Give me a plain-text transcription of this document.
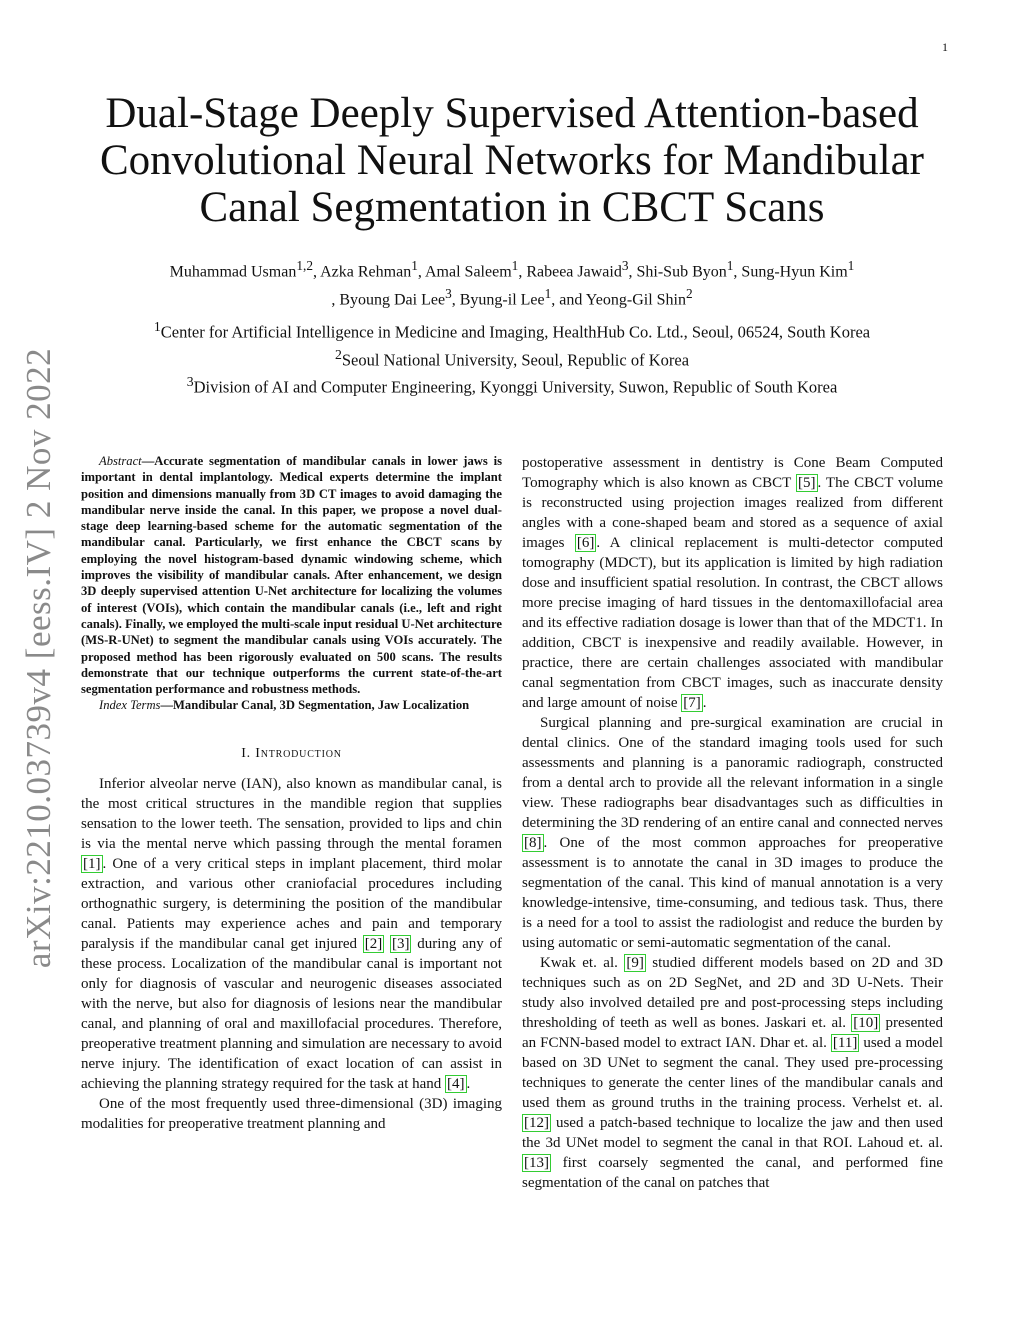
1
arXiv:2210.03739v4 [eess.IV] 2 Nov 2022
Dual-Stage Deeply Supervised Attention-based Convolutional Neural Networks for Mandibular Canal Segmentation in CBCT Scans
Muhammad Usman$^{1,2}$, Azka Rehman$^1$, Amal Saleem$^1$, Rabeea Jawaid$^3$, Shi-Sub Byon$^1$, Sung-Hyun Kim$^1$
, Byoung Dai Lee$^3$, Byung-il Lee$^1$, and Yeong-Gil Shin$^2$
$^1$Center for Artificial Intelligence in Medicine and Imaging, HealthHub Co. Ltd., Seoul, 06524, South Korea
$^2$Seoul National University, Seoul, Republic of Korea
$^3$Division of AI and Computer Engineering, Kyonggi University, Suwon, Republic of South Korea

Abstract—Accurate segmentation of mandibular canals in lower jaws is important in dental implantology. Medical experts determine the implant position and dimensions manually from 3D CT images to avoid damaging the mandibular nerve inside the canal. In this paper, we propose a novel dual-stage deep learning-based scheme for the automatic segmentation of the mandibular canal. Particularly, we first enhance the CBCT scans by employing the novel histogram-based dynamic windowing scheme, which improves the visibility of mandibular canals. After enhancement, we design 3D deeply supervised attention U-Net architecture for localizing the volumes of interest (VOIs), which contain the mandibular canals (i.e., left and right canals). Finally, we employed the multi-scale input residual U-Net architecture (MS-R-UNet) to segment the mandibular canals using VOIs accurately. The proposed method has been rigorously evaluated on 500 scans. The results demonstrate that our technique outperforms the current state-of-the-art segmentation performance and robustness methods.

Index Terms—Mandibular Canal, 3D Segmentation, Jaw Localization

I. Introduction

Inferior alveolar nerve (IAN), also known as mandibular canal, is the most critical structures in the mandible region that supplies sensation to the lower teeth. The sensation, provided to lips and chin is via the mental nerve which passing through the mental foramen [1] . One of a very critical steps in implant placement, third molar extraction, and various other craniofacial procedures including orthognathic surgery, is determining the position of the mandibular canal. Patients may experience aches and pain and temporary paralysis if the mandibular canal get injured [2] [3] during any of these process. Localization of the mandibular canal is important not only for diagnosis of vascular and neurogenic diseases associated with the nerve, but also for diagnosis of lesions near the mandibular canal, and planning of oral and maxillofacial procedures. Therefore, preoperative treatment planning and simulation are necessary to avoid nerve injury. The identification of exact location of can assist in achieving the planning strategy required for the task at hand [4] .

One of the most frequently used three-dimensional (3D) imaging modalities for preoperative treatment planning and

postoperative assessment in dentistry is Cone Beam Computed Tomography which is also known as CBCT [5] . The CBCT volume is reconstructed using projection images realized from different angles with a cone-shaped beam and stored as a sequence of axial images [6] . A clinical replacement is multi-detector computed tomography (MDCT), but its application is limited by high radiation dose and insufficient spatial resolution. In contrast, the CBCT allows more precise imaging of hard tissues in the dentomaxillofacial area and its effective radiation dosage is lower than that of the MDCT1. In addition, CBCT is inexpensive and readily available. However, in practice, there are certain challenges associated with mandibular canal segmentation from CBCT images, such as inaccurate density and large amount of noise [7] .

Surgical planning and pre-surgical examination are crucial in dental clinics. One of the standard imaging tools used for such assessments and planning is a panoramic radiograph, constructed from a dental arch to provide all the relevant information in a single view. These radiographs bear disadvantages such as difficulties in determining the 3D rendering of an entire canal and connected nerves [8] . One of the most common approaches for preoperative assessment is to annotate the canal in 3D images to produce the segmentation of the canal. This kind of manual annotation is a very knowledge-intensive, time-consuming, and tedious task. Thus, there is a need for a tool to assist the radiologist and reduce the burden by using automatic or semi-automatic segmentation of the canal.

Kwak et. al. [9] studied different models based on 2D and 3D techniques such as on 2D SegNet, and 2D and 3D U-Nets. Their study also involved detailed pre and post-processing steps including thresholding of teeth as well as bones. Jaskari et. al. [10] presented an FCNN-based model to extract IAN. Dhar et. al. [11] used a model based on 3D UNet to segment the canal. They used pre-processing techniques to generate the center lines of the mandibular canals and used them as ground truths in the training process. Verhelst et. al. [12] used a patch-based technique to localize the jaw and then used the 3d UNet model to segment the canal in that ROI. Lahoud et. al. [13] first coarsely segmented the canal, and performed fine segmentation of the canal on patches that
